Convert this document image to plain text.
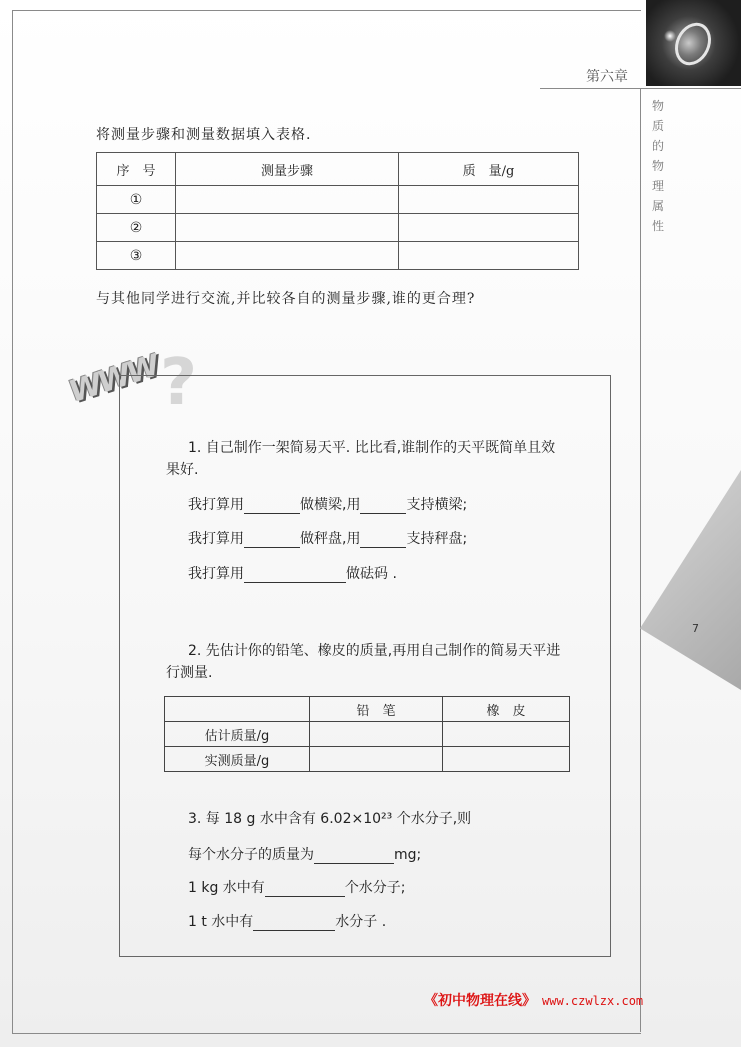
第六章
物
质
的
物
理
属
性
7
将测量步骤和测量数据填入表格.
序　号	测量步骤	质　量/g
①		
②		
③		
与其他同学进行交流,并比较各自的测量步骤,谁的更合理?
WWW
?
1. 自己制作一架简易天平. 比比看,谁制作的天平既简单且效
果好.
我打算用	做横梁,用	支持横梁;
我打算用	做秤盘,用	支持秤盘;
我打算用	做砝码 .
2. 先估计你的铅笔、橡皮的质量,再用自己制作的简易天平进
行测量.
	铅　笔	橡　皮
估计质量/g		
实测质量/g		
3. 每 18 g 水中含有 6.02×10²³ 个水分子,则
每个水分子的质量为	mg;
1 kg 水中有	个水分子;
1 t 水中有	水分子 .
《初中物理在线》 www.czwlzx.com
